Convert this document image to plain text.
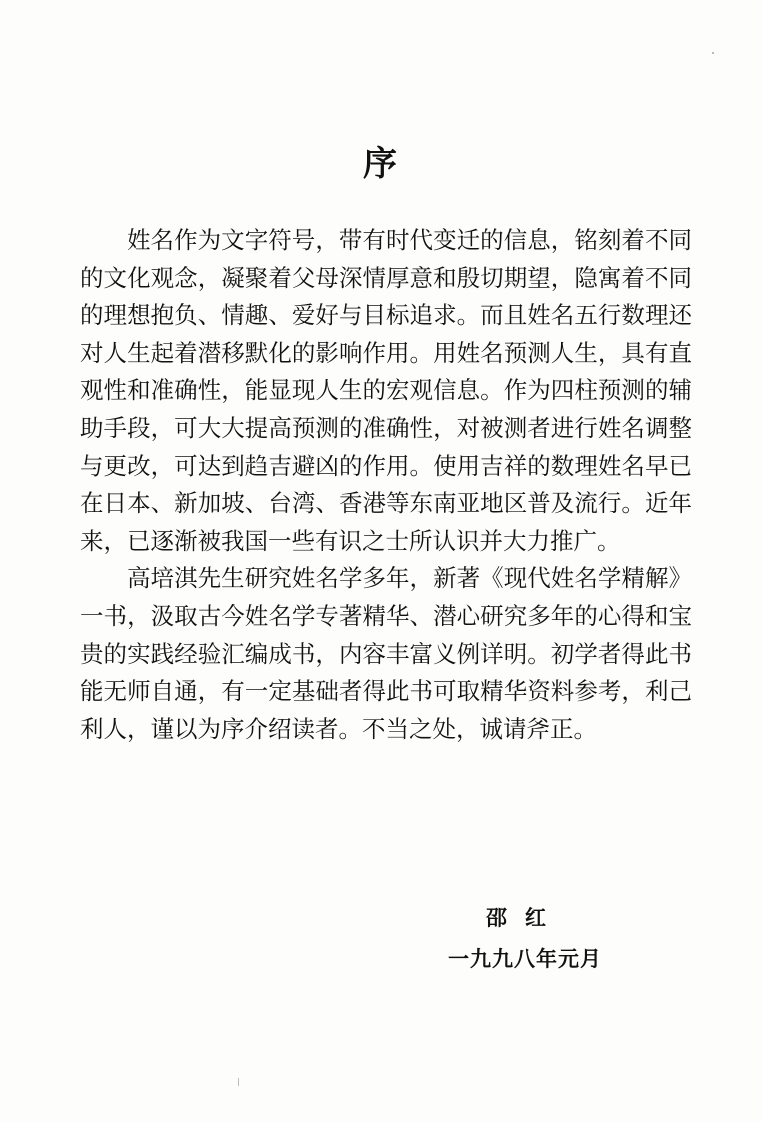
序

姓名作为文字符号，带有时代变迁的信息，铭刻着不同的文化观念，凝聚着父母深情厚意和殷切期望，隐寓着不同的理想抱负、情趣、爱好与目标追求。而且姓名五行数理还对人生起着潜移默化的影响作用。用姓名预测人生，具有直观性和准确性，能显现人生的宏观信息。作为四柱预测的辅助手段，可大大提高预测的准确性，对被测者进行姓名调整与更改，可达到趋吉避凶的作用。使用吉祥的数理姓名早已在日本、新加坡、台湾、香港等东南亚地区普及流行。近年来，已逐渐被我国一些有识之士所认识并大力推广。

高培淇先生研究姓名学多年，新著《现代姓名学精解》一书，汲取古今姓名学专著精华、潜心研究多年的心得和宝贵的实践经验汇编成书，内容丰富义例详明。初学者得此书能无师自通，有一定基础者得此书可取精华资料参考，利己利人，谨以为序介绍读者。不当之处，诚请斧正。

邵红
一九九八年元月
